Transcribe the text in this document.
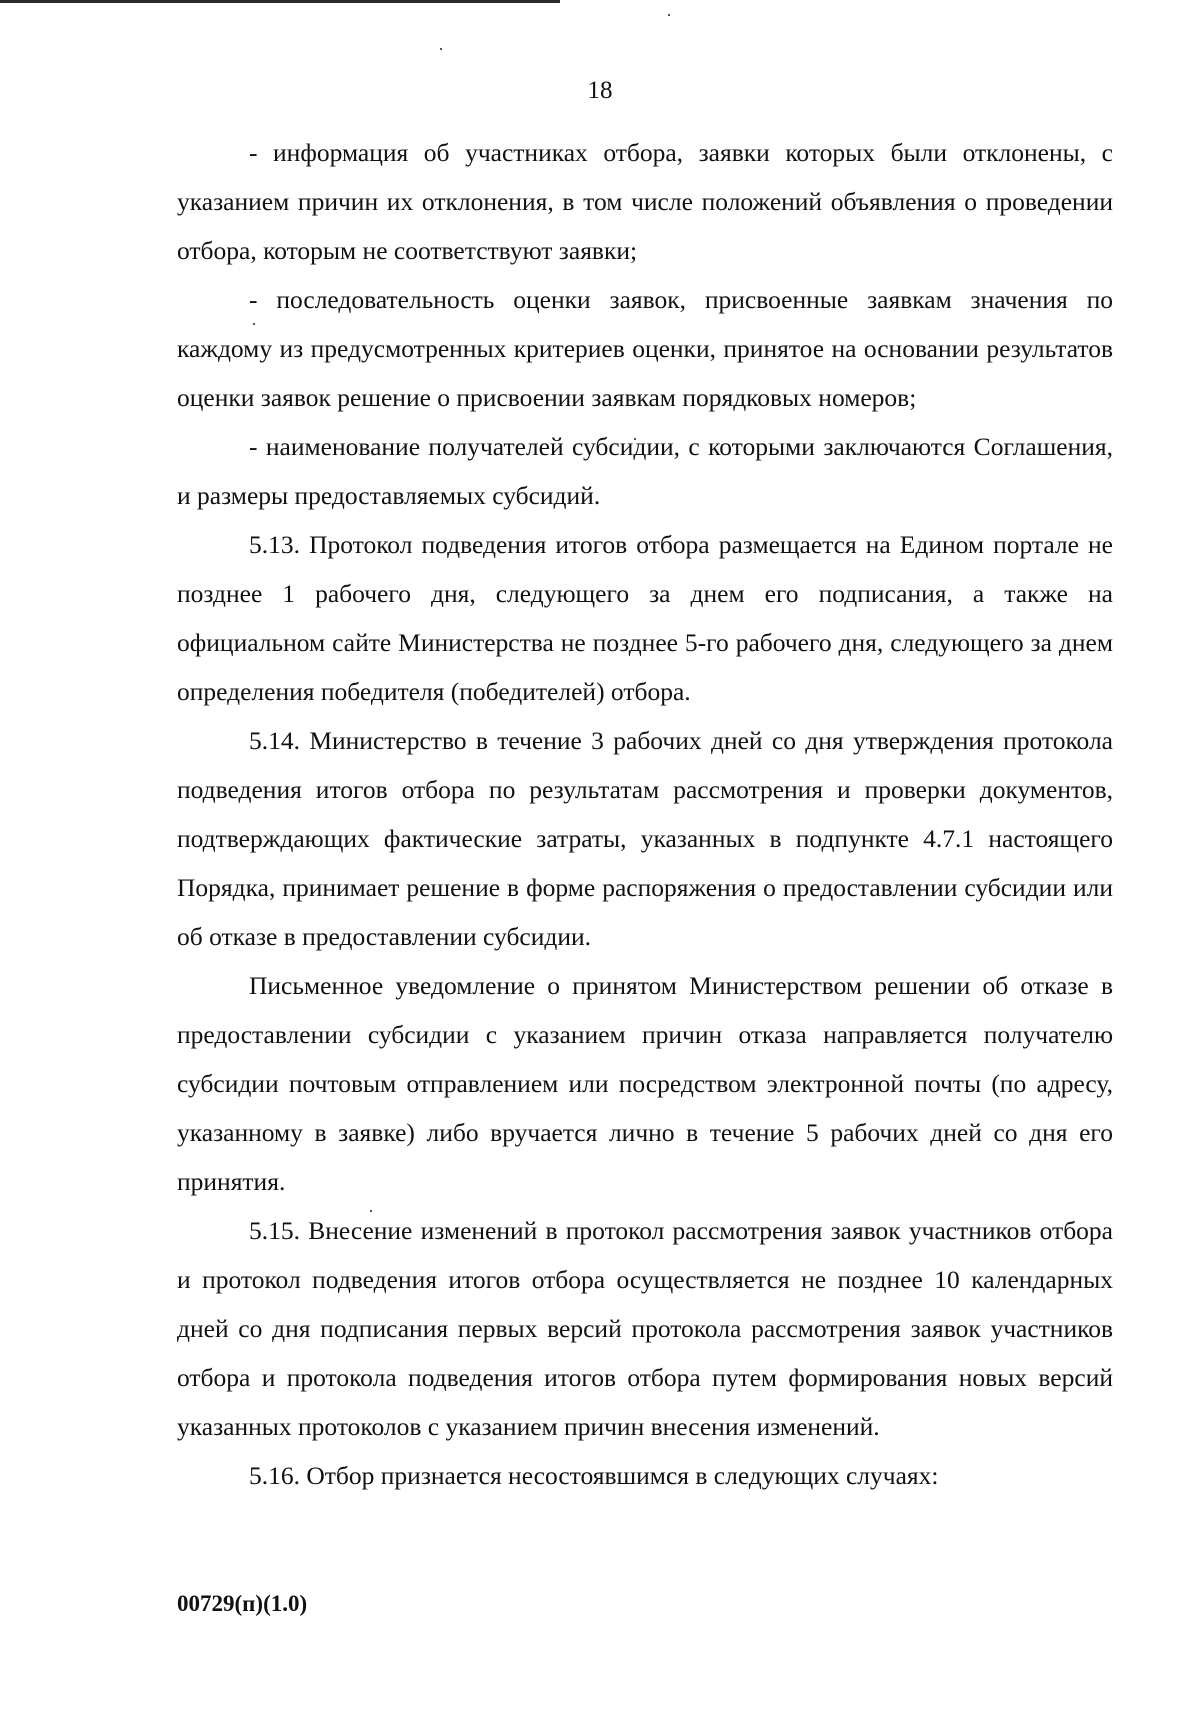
18

- информация об участниках отбора, заявки которых были отклонены, с указанием причин их отклонения, в том числе положений объявления о проведении отбора, которым не соответствуют заявки;

- последовательность оценки заявок, присвоенные заявкам значения по каждому из предусмотренных критериев оценки, принятое на основании результатов оценки заявок решение о присвоении заявкам порядковых номеров;

- наименование получателей субсидии, с которыми заключаются Соглашения, и размеры предоставляемых субсидий.

5.13. Протокол подведения итогов отбора размещается на Едином портале не позднее 1 рабочего дня, следующего за днем его подписания, а также на официальном сайте Министерства не позднее 5-го рабочего дня, следующего за днем определения победителя (победителей) отбора.

5.14. Министерство в течение 3 рабочих дней со дня утверждения протокола подведения итогов отбора по результатам рассмотрения и проверки документов, подтверждающих фактические затраты, указанных в подпункте 4.7.1 настоящего Порядка, принимает решение в форме распоряжения о предоставлении субсидии или об отказе в предоставлении субсидии.

Письменное уведомление о принятом Министерством решении об отказе в предоставлении субсидии с указанием причин отказа направляется получателю субсидии почтовым отправлением или посредством электронной почты (по адресу, указанному в заявке) либо вручается лично в течение 5 рабочих дней со дня его принятия.

5.15. Внесение изменений в протокол рассмотрения заявок участников отбора и протокол подведения итогов отбора осуществляется не позднее 10 календарных дней со дня подписания первых версий протокола рассмотрения заявок участников отбора и протокола подведения итогов отбора путем формирования новых версий указанных протоколов с указанием причин внесения изменений.

5.16. Отбор признается несостоявшимся в следующих случаях:

00729(п)(1.0)
